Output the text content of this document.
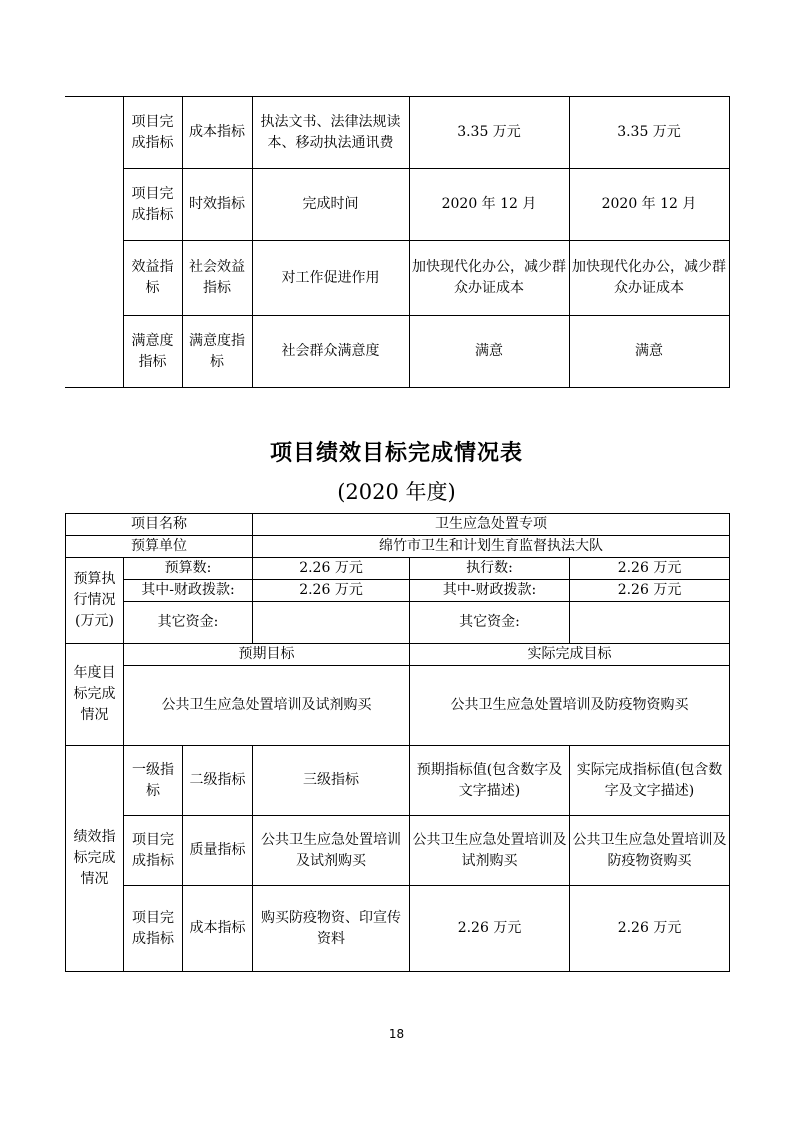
	项目完成指标	成本指标	执法文书、法律法规读本、移动执法通讯费	3.35 万元	3.35 万元
	项目完成指标	时效指标	完成时间	2020 年 12 月	2020 年 12 月
	效益指标	社会效益指标	对工作促进作用	加快现代化办公，减少群众办证成本	加快现代化办公，减少群众办证成本
	满意度指标	满意度指标	社会群众满意度	满意	满意
项目绩效目标完成情况表
(2020 年度)
项目名称			卫生应急处置专项		
预算单位			绵竹市卫生和计划生育监督执法大队		
预算执行情况(万元)	预算数:		2.26 万元	执行数:	2.26 万元
	其中-财政拨款:		2.26 万元	其中-财政拨款:	2.26 万元
	其它资金:			其它资金:	
年度目标完成情况	预期目标			实际完成目标	
	公共卫生应急处置培训及试剂购买			公共卫生应急处置培训及防疫物资购买	
绩效指标完成情况	一级指标	二级指标	三级指标	预期指标值(包含数字及文字描述)	实际完成指标值(包含数字及文字描述)
	项目完成指标	质量指标	公共卫生应急处置培训及试剂购买	公共卫生应急处置培训及试剂购买	公共卫生应急处置培训及防疫物资购买
	项目完成指标	成本指标	购买防疫物资、印宣传资料	2.26 万元	2.26 万元
18
